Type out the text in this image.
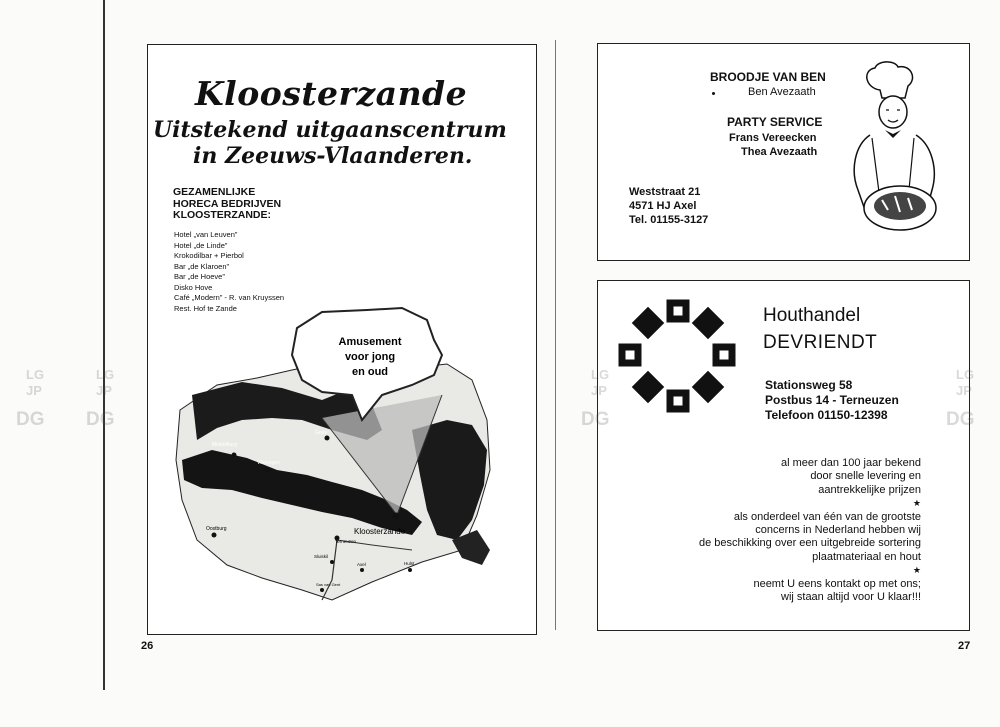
Kloosterzande
Uitstekend uitgaanscentrum
in Zeeuws-Vlaanderen.
GEZAMENLIJKE
HORECA BEDRIJVEN
KLOOSTERZANDE:
Hotel „van Leuven”
Hotel „de Linde”
Krokodilbar + Pierbol
Bar „de Klaroen”
Bar „de Hoeve”
Disko Hove
Café „Modern” - R. van Kruyssen
Rest. Hof te Zande
Amusement
voor jong
en oud
Middelburg
Vlissingen
Goes
Oostburg	Kloosterzande
Terneuzen
Sluiskil
Axel	Hulst
Sas van Gent
26
BROODJE VAN BEN
Ben Avezaath
PARTY SERVICE
Frans Vereecken
Thea Avezaath
Weststraat 21
4571 HJ Axel
Tel. 01155-3127
Houthandel
DEVRIENDT
Stationsweg 58
Postbus 14 - Terneuzen
Telefoon 01150-12398
al meer dan 100 jaar bekend
door snelle levering en
aantrekkelijke prijzen
★
als onderdeel van één van de grootste
concerns in Nederland hebben wij
de beschikking over een uitgebreide sortering
plaatmateriaal en hout
★
neemt U eens kontakt op met ons;
wij staan altijd voor U klaar!!!
27
LG
JP
DG
LG
JP
DG
LG
JP
DG
LG
JP
DG
